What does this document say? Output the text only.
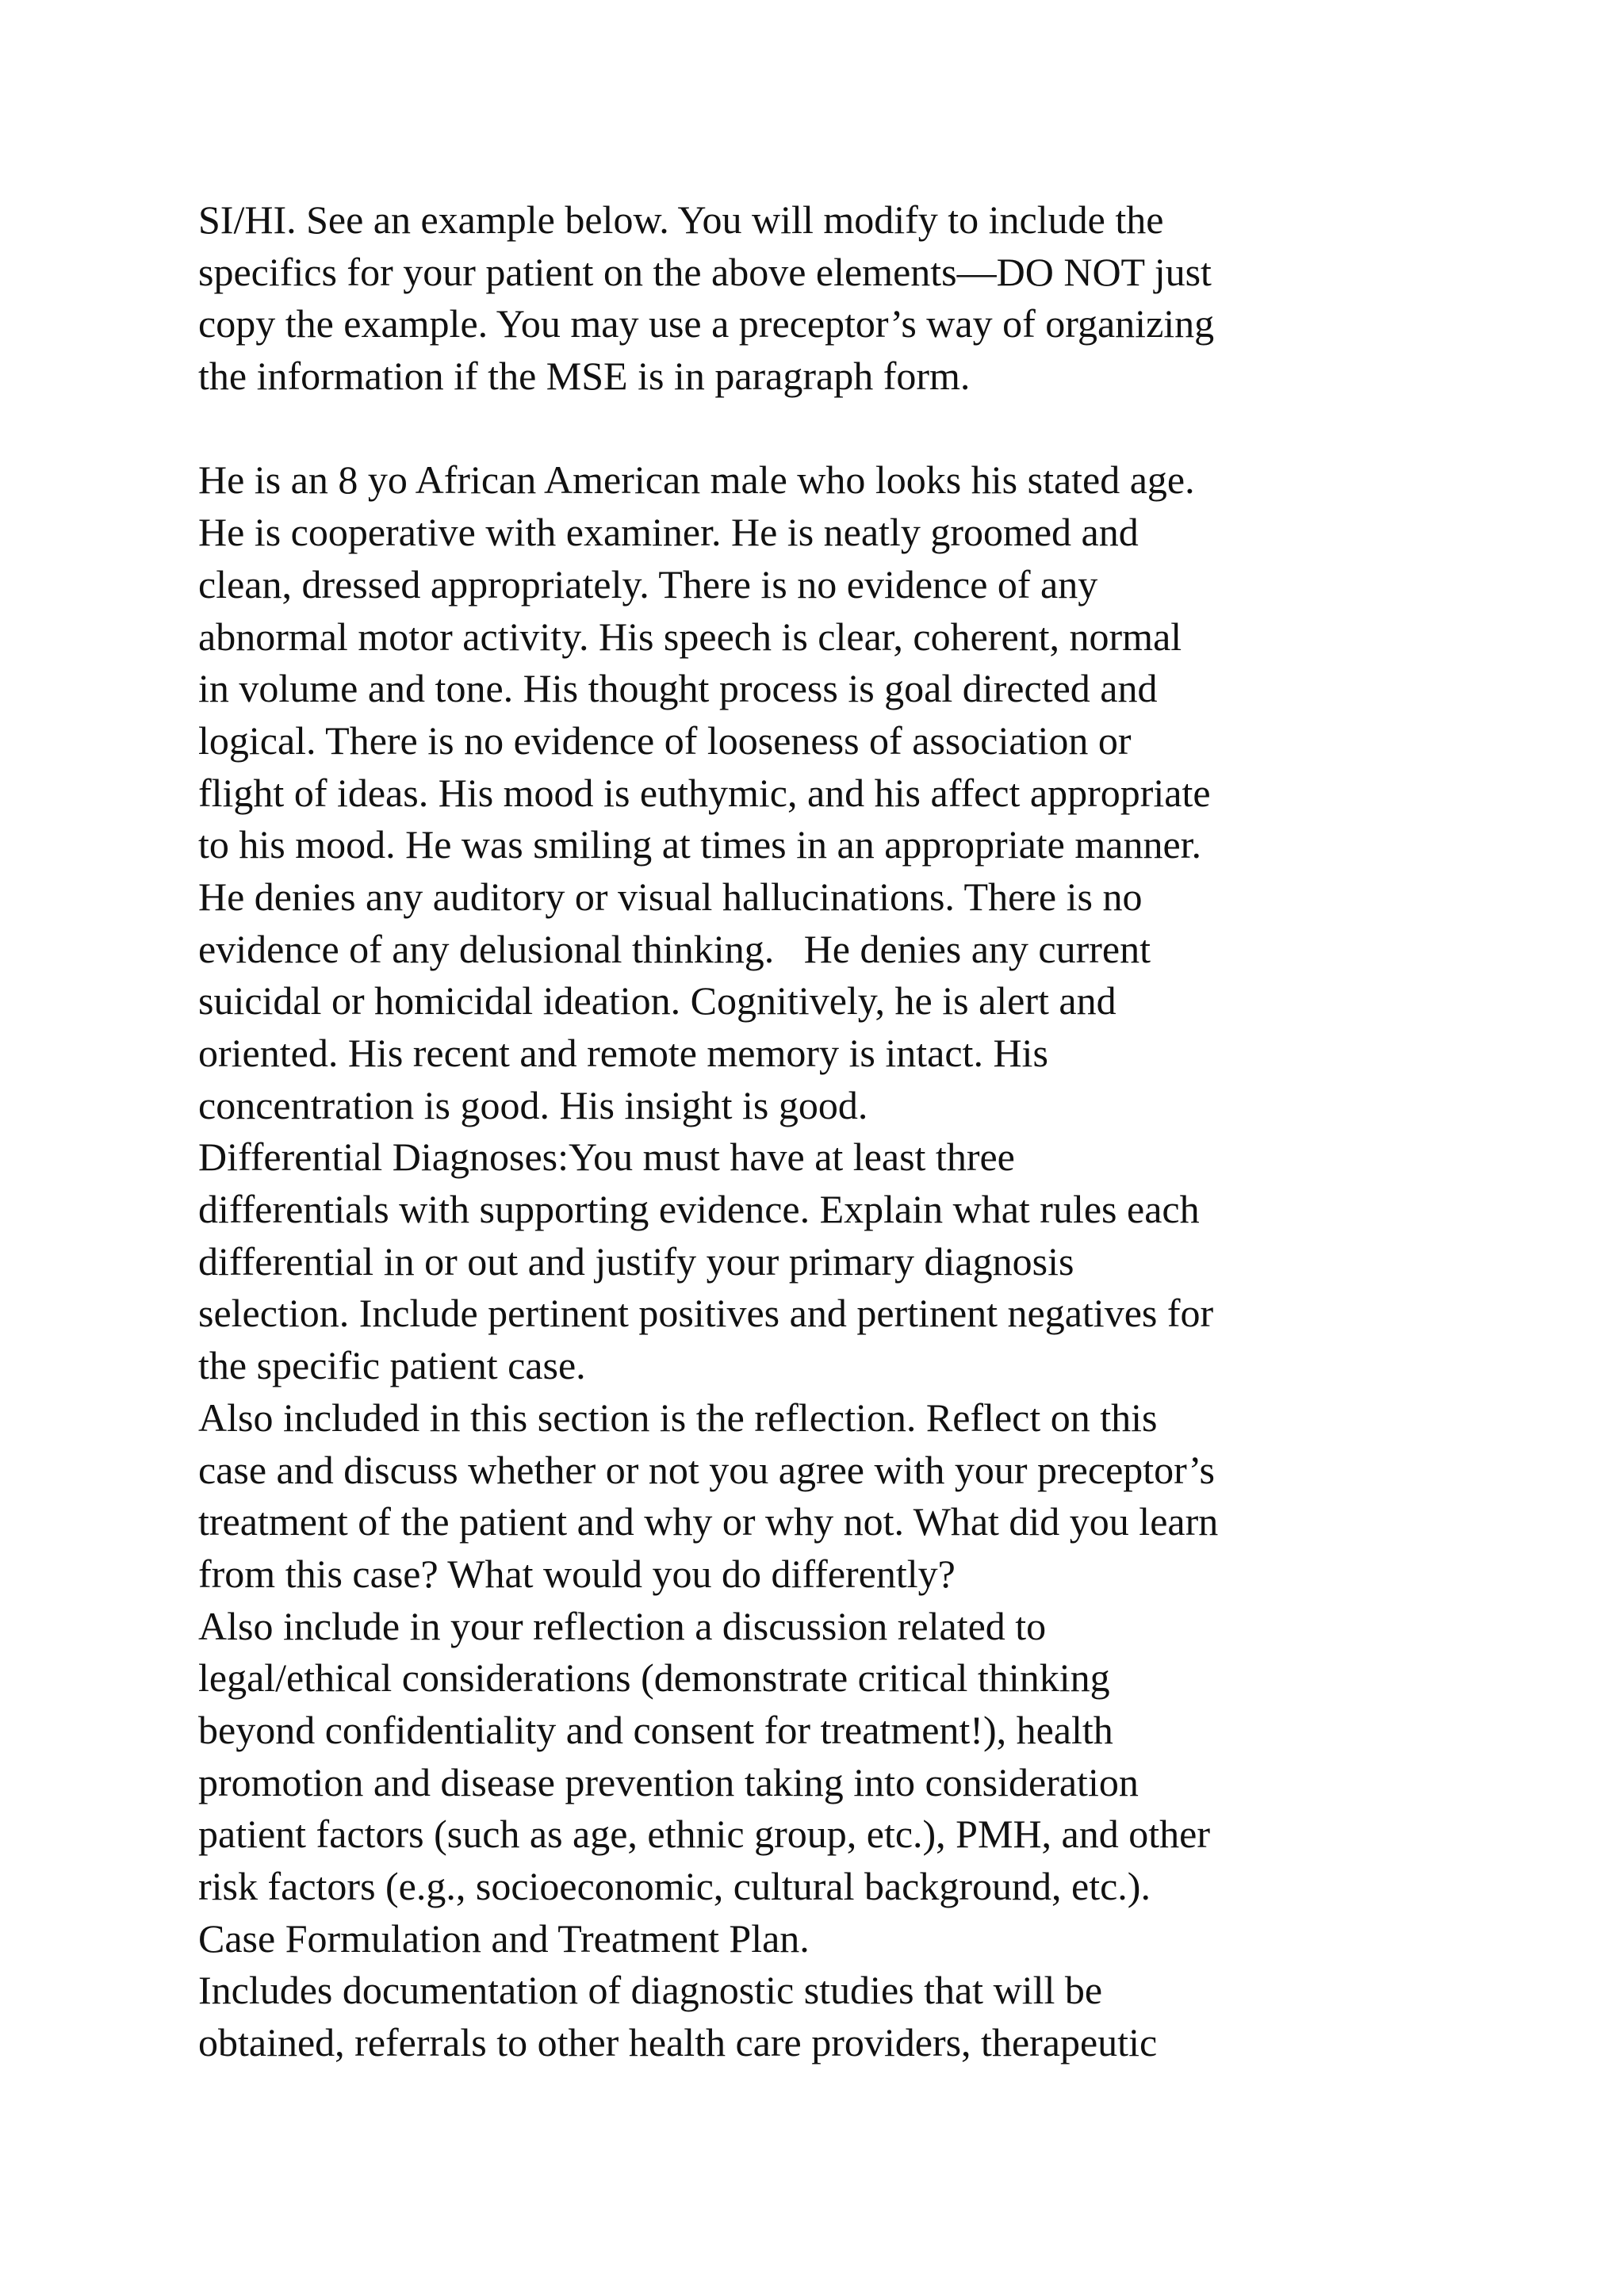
SI/HI. See an example below. You will modify to include the
specifics for your patient on the above elements—DO NOT just
copy the example. You may use a preceptor’s way of organizing
the information if the MSE is in paragraph form.
He is an 8 yo African American male who looks his stated age.
He is cooperative with examiner. He is neatly groomed and
clean, dressed appropriately. There is no evidence of any
abnormal motor activity. His speech is clear, coherent, normal
in volume and tone. His thought process is goal directed and
logical. There is no evidence of looseness of association or
flight of ideas. His mood is euthymic, and his affect appropriate
to his mood. He was smiling at times in an appropriate manner.
He denies any auditory or visual hallucinations. There is no
evidence of any delusional thinking.   He denies any current
suicidal or homicidal ideation. Cognitively, he is alert and
oriented. His recent and remote memory is intact. His
concentration is good. His insight is good.
Differential Diagnoses:You must have at least three
differentials with supporting evidence. Explain what rules each
differential in or out and justify your primary diagnosis
selection. Include pertinent positives and pertinent negatives for
the specific patient case.
Also included in this section is the reflection. Reflect on this
case and discuss whether or not you agree with your preceptor’s
treatment of the patient and why or why not. What did you learn
from this case? What would you do differently?
Also include in your reflection a discussion related to
legal/ethical considerations (demonstrate critical thinking
beyond confidentiality and consent for treatment!), health
promotion and disease prevention taking into consideration
patient factors (such as age, ethnic group, etc.), PMH, and other
risk factors (e.g., socioeconomic, cultural background, etc.).
Case Formulation and Treatment Plan.
Includes documentation of diagnostic studies that will be
obtained, referrals to other health care providers, therapeutic
